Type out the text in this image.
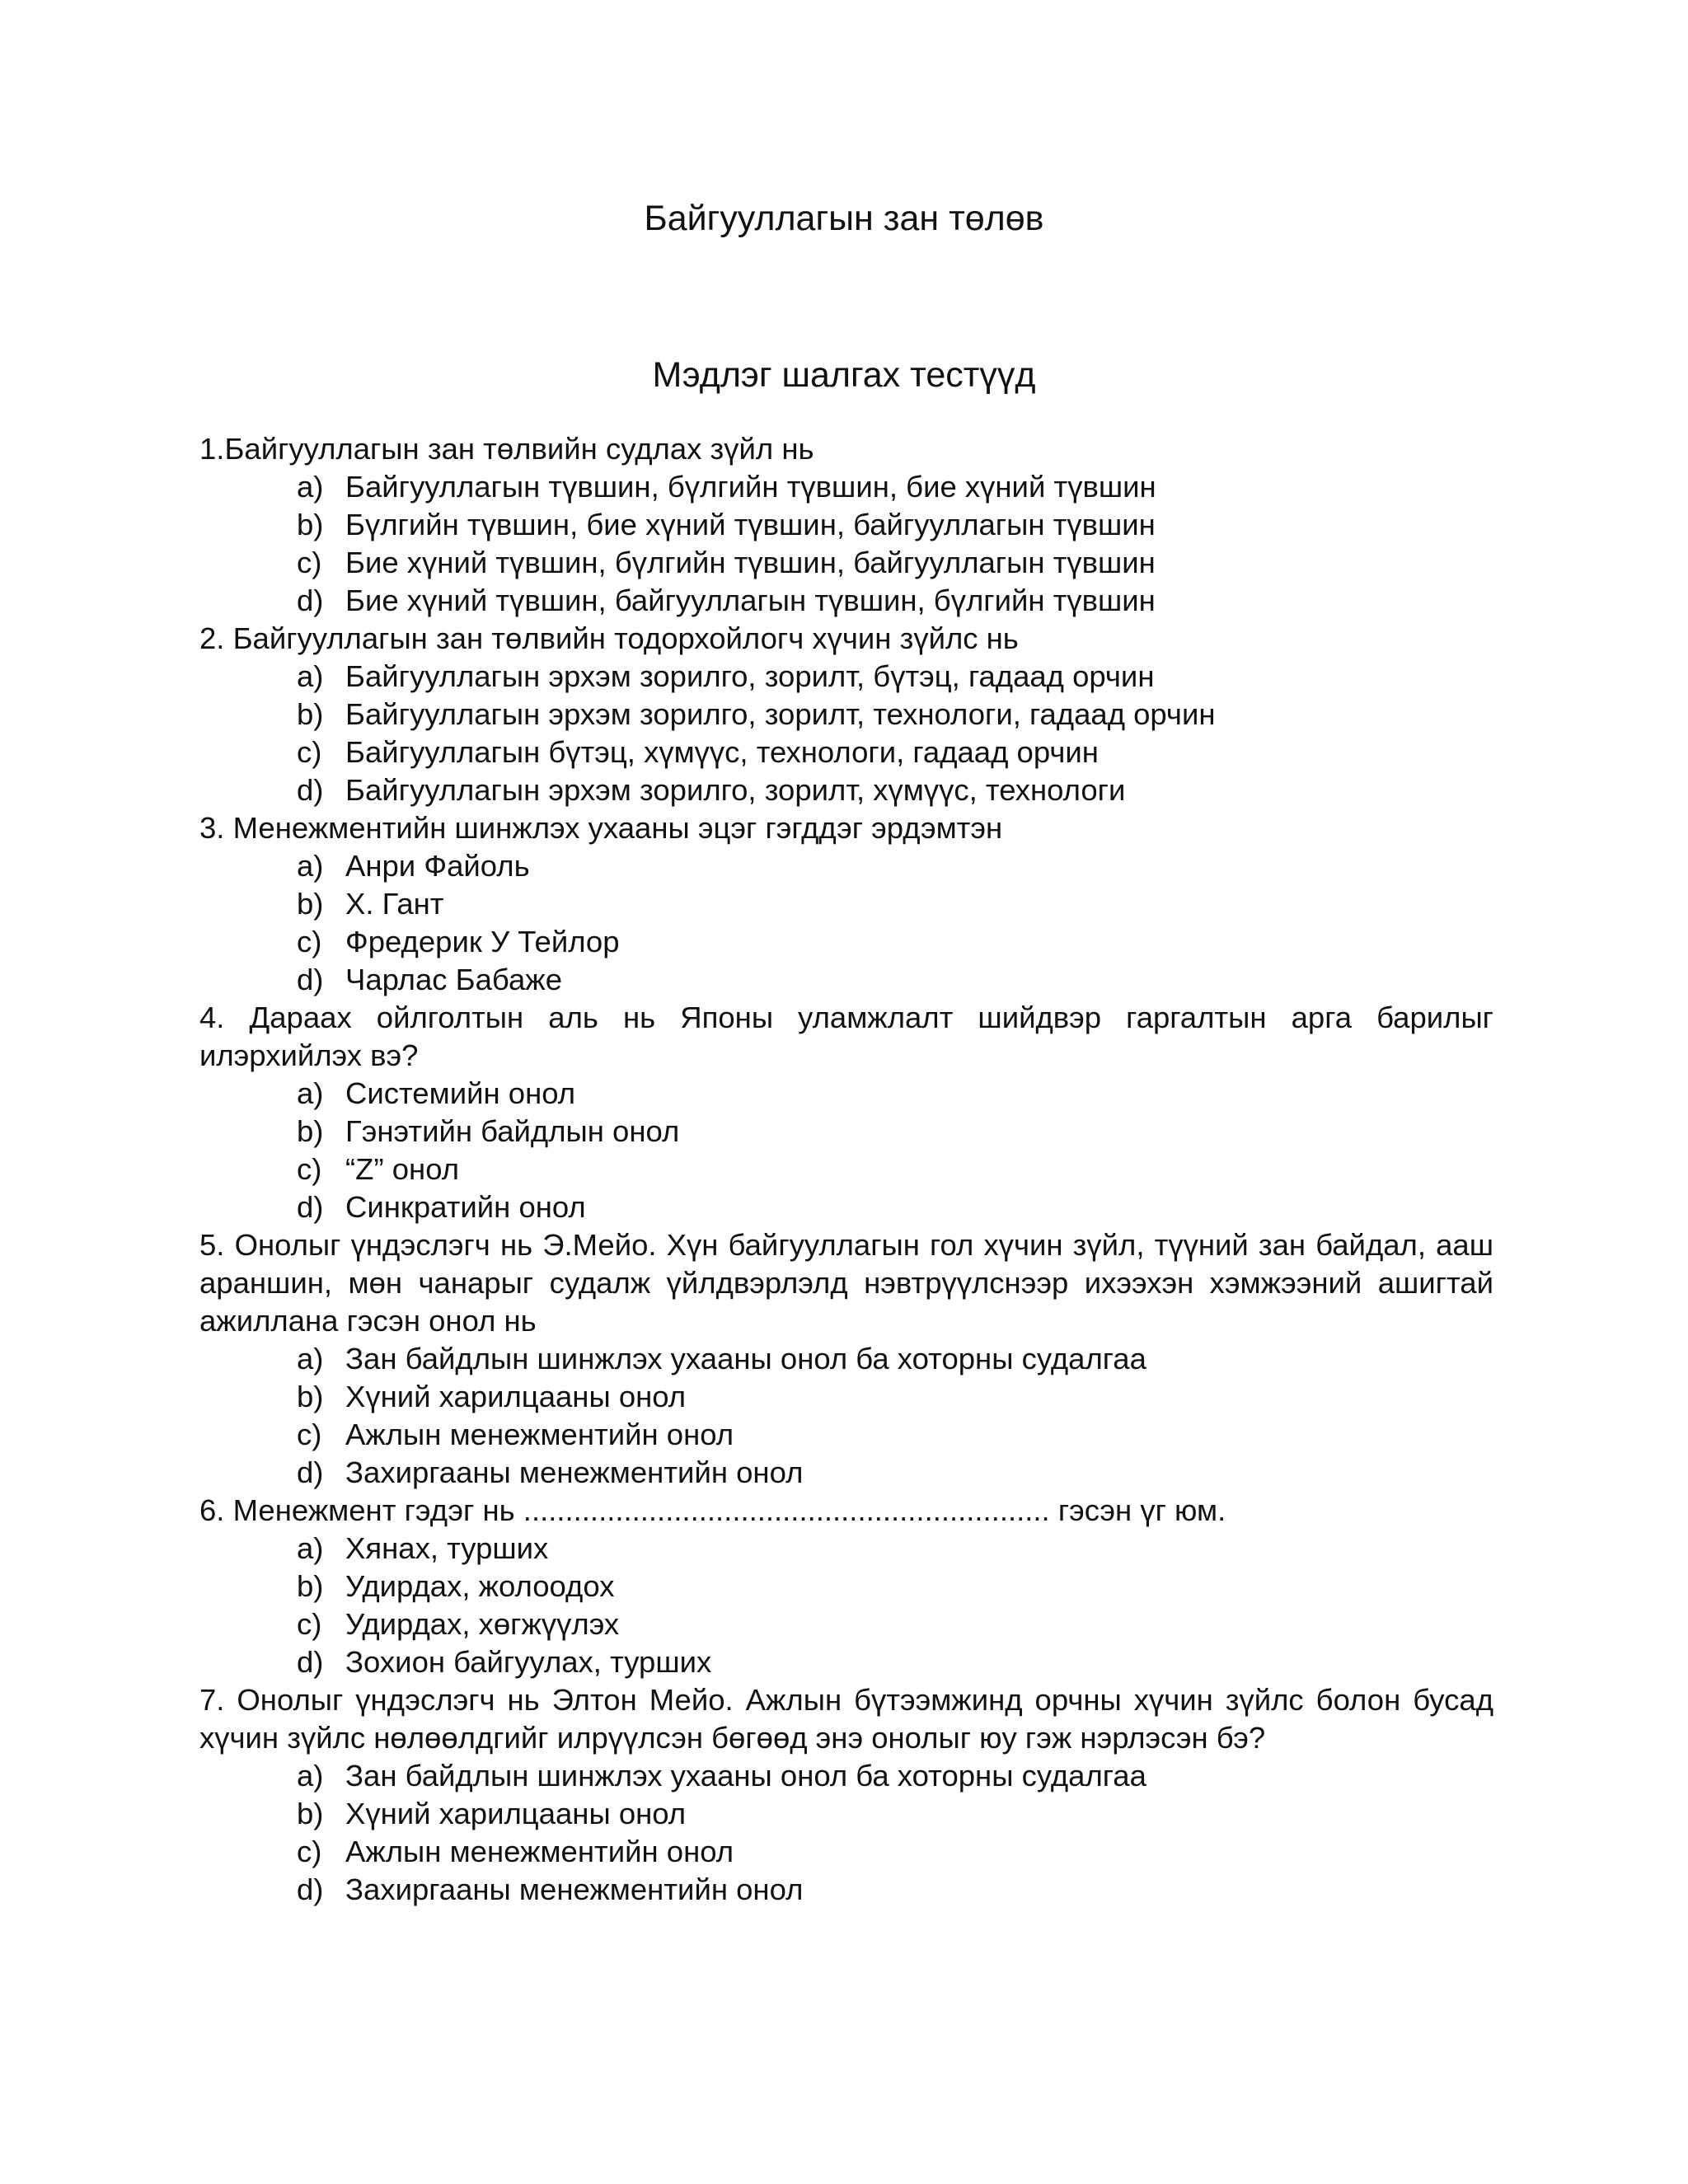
Байгууллагын зан төлөв
Мэдлэг шалгах тестүүд

1.Байгууллагын зан төлвийн судлах зүйл нь

a) Байгууллагын түвшин, бүлгийн түвшин, бие хүний түвшин
b) Бүлгийн түвшин, бие хүний түвшин, байгууллагын түвшин
c) Бие хүний түвшин, бүлгийн түвшин, байгууллагын түвшин
d) Бие хүний түвшин, байгууллагын түвшин, бүлгийн түвшин

2. Байгууллагын зан төлвийн тодорхойлогч хүчин зүйлс нь

a) Байгууллагын эрхэм зорилго, зорилт, бүтэц, гадаад орчин
b) Байгууллагын эрхэм зорилго, зорилт, технологи, гадаад орчин
c) Байгууллагын бүтэц, хүмүүс, технологи, гадаад орчин
d) Байгууллагын эрхэм зорилго, зорилт, хүмүүс, технологи

3. Менежментийн шинжлэх ухааны эцэг гэгддэг эрдэмтэн

a) Анри Файоль
b) Х. Гант
c) Фредерик У Тейлор
d) Чарлас Бабаже

4. Дараах ойлголтын аль нь Японы уламжлалт шийдвэр гаргалтын арга барилыг илэрхийлэх вэ?

a) Системийн онол
b) Гэнэтийн байдлын онол
c) “Z” онол
d) Синкратийн онол

5. Онолыг үндэслэгч нь Э.Мейо. Хүн байгууллагын гол хүчин зүйл, түүний зан байдал, ааш араншин, мөн чанарыг судалж үйлдвэрлэлд нэвтрүүлснээр ихээхэн хэмжээний ашигтай ажиллана гэсэн онол нь

a) Зан байдлын шинжлэх ухааны онол ба хоторны судалгаа
b) Хүний харилцааны онол
c) Ажлын менежментийн онол
d) Захиргааны менежментийн онол

6. Менежмент гэдэг нь ............................................................... гэсэн үг юм.

a) Хянах, турших
b) Удирдах, жолоодох
c) Удирдах, хөгжүүлэх
d) Зохион байгуулах, турших

7. Онолыг үндэслэгч нь Элтон Мейо. Ажлын бүтээмжинд орчны хүчин зүйлс болон бусад хүчин зүйлс нөлөөлдгийг илрүүлсэн бөгөөд энэ онолыг юу гэж нэрлэсэн бэ?

a) Зан байдлын шинжлэх ухааны онол ба хоторны судалгаа
b) Хүний харилцааны онол
c) Ажлын менежментийн онол
d) Захиргааны менежментийн онол
